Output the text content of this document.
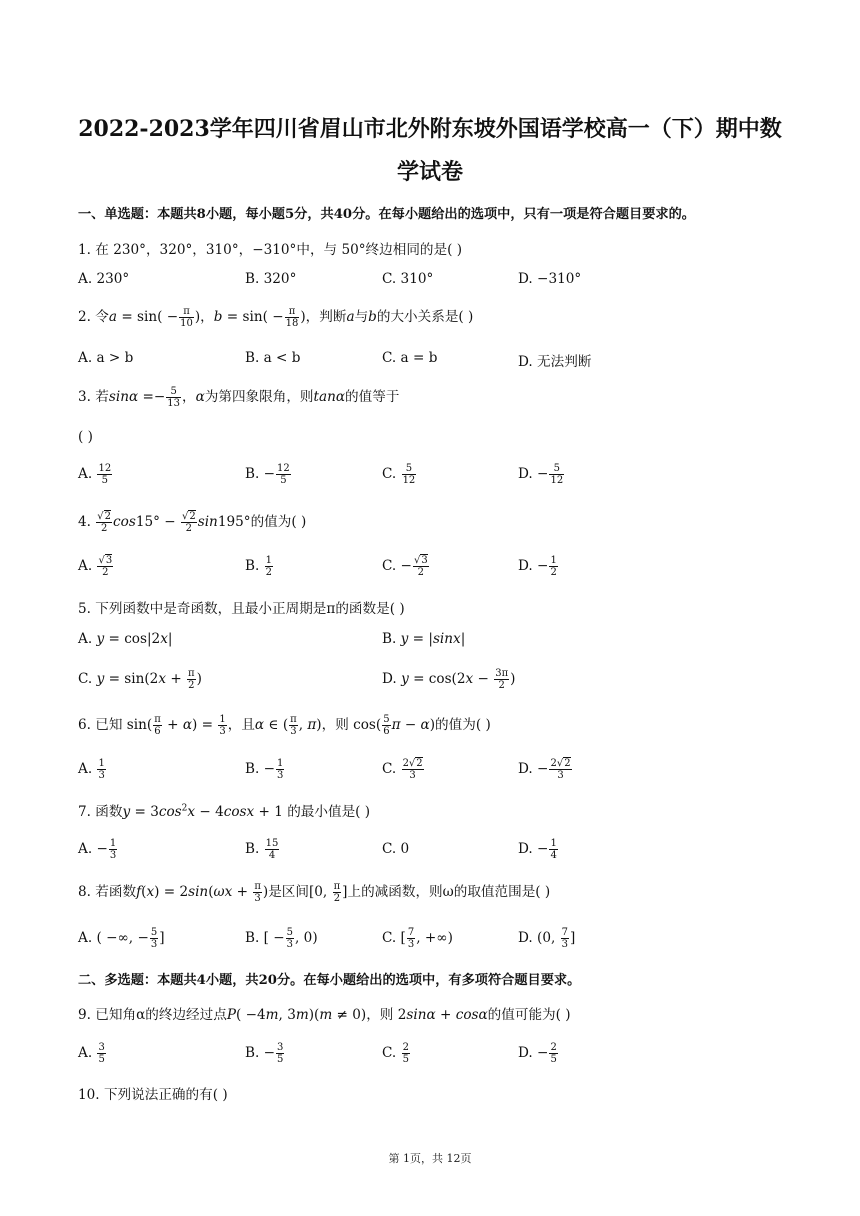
2022-2023学年四川省眉山市北外附东坡外国语学校高一（下）期中数
学试卷
一、单选题：本题共8小题，每小题5分，共40分。在每小题给出的选项中，只有一项是符合题目要求的。
1. 在 230°，320°，310°，−310°中，与 50°终边相同的是( )
A. 230°	B. 320°	C. 310°	D. −310°
2. 令$a = \sin( - \frac{\pi}{10}$ )，$b = \sin( - \frac{\pi}{18}$ )，判断a与b的大小关系是( )
A. a > b	B. a < b	C. a = b	D. 无法判断
3. 若$\sin\alpha =- \frac{5}{13}$ ，α为第四象限角，则tanα的值等于
( )
A. $\frac{12}{5}$	B. − $\frac{12}{5}$	C. $\frac{5}{12}$	D. − $\frac{5}{12}$
4. $\frac{√2}{2} \cos 15^\circ - \frac{√2}{2} \sin 195^\circ$的值为( )
A. $\frac{√3}{2}$	B. $\frac{1}{2}$	C. − $\frac{√3}{2}$	D. − $\frac{1}{2}$
5. 下列函数中是奇函数，且最小正周期是π的函数是( )
A. y = cos|2x|	B. y = |sinx|
C. $y = \sin(2x + \frac{\pi}{2}$ )	D. $y = \cos(2x - \frac{3\pi}{2}$ )
6. 已知 $\sin( \frac{\pi}{6} + \alpha) = \frac{1}{3}$ ，且α ∈ ( $\frac{\pi}{3}$ , π)，则 $\cos( \frac{5}{6}$ π − α)的值为( )
A. $\frac{1}{3}$	B. − $\frac{1}{3}$	C. $\frac{2√2}{3}$	D. − $\frac{2√2}{3}$
7. 函数$y = 3\cos^2x - 4\cos x + 1$ 的最小值是( )
A. − $\frac{1}{3}$	B. $\frac{15}{4}$	C. 0	D. − $\frac{1}{4}$
8. 若函数$f(x) = 2\sin(\omega x + \frac{\pi}{3}$ )是区间[0, $\frac{\pi}{2}$ ]上的减函数，则ω的取值范围是( )
A. ( −∞, − $\frac{5}{3}$ ]	B. [ − $\frac{5}{3}$ , 0)	C. [ $\frac{7}{3}$ , +∞)	D. (0, $\frac{7}{3}$ ]
二、多选题：本题共4小题，共20分。在每小题给出的选项中，有多项符合题目要求。
9. 已知角α的终边经过点P( −4m, 3m)(m ≠ 0)，则 2sinα + cosα的值可能为( )
A. $\frac{3}{5}$	B. − $\frac{3}{5}$	C. $\frac{2}{5}$	D. − $\frac{2}{5}$
10. 下列说法正确的有( )
第 1页，共 12页
